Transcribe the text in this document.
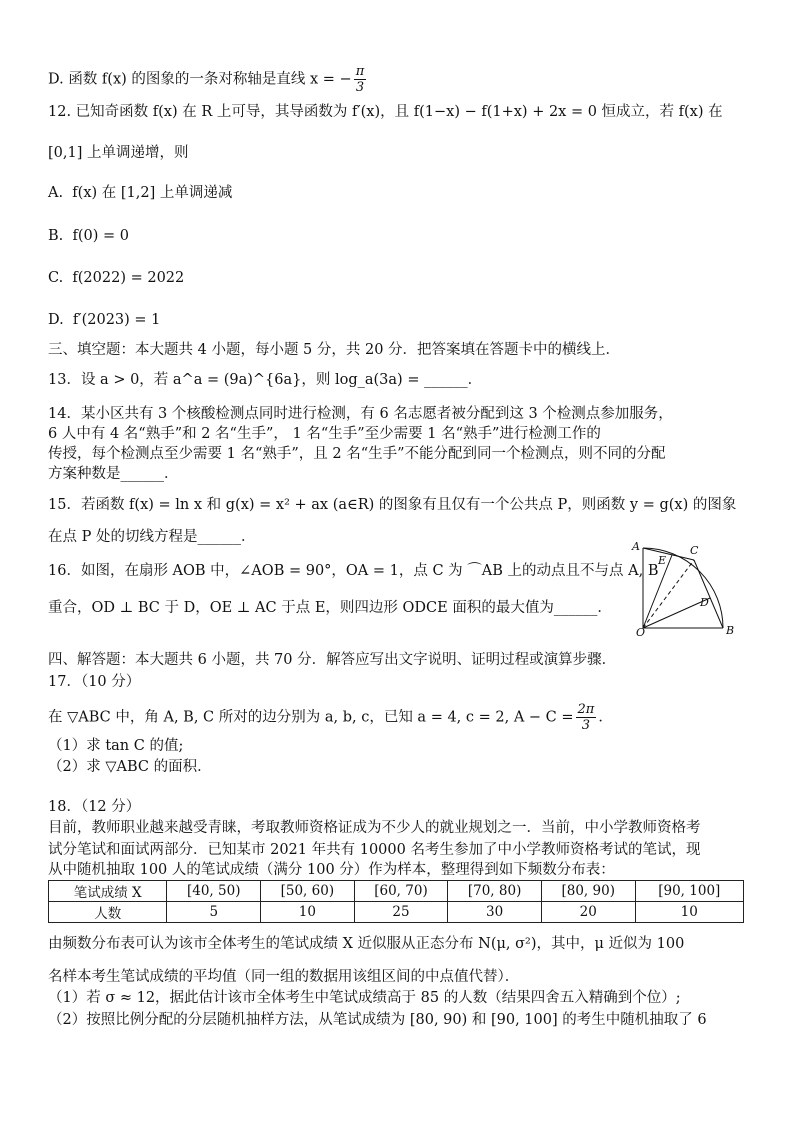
D. 函数 f(x) 的图象的一条对称轴是直线 x = − $\frac{\pi}{3}$
12. 已知奇函数 f(x) 在 R 上可导，其导函数为 f′(x)，且 f(1−x) − f(1+x) + 2x = 0 恒成立，若 f(x) 在
[0,1] 上单调递增，则
A.  f(x) 在 [1,2] 上单调递减
B.  f(0) = 0
C.  f(2022) = 2022
D.  f′(2023) = 1
三、填空题：本大题共 4 小题，每小题 5 分，共 20 分．把答案填在答题卡中的横线上．
13．设 a > 0，若 a^a = (9a)^{6a}，则 log_a(3a) = ______．
14．某小区共有 3 个核酸检测点同时进行检测，有 6 名志愿者被分配到这 3 个检测点参加服务，
6 人中有 4 名“熟手”和 2 名“生手”， 1 名“生手”至少需要 1 名“熟手”进行检测工作的
传授，每个检测点至少需要 1 名“熟手”，且 2 名“生手”不能分配到同一个检测点，则不同的分配
方案种数是______．
15．若函数 f(x) = ln x 和 g(x) = x² + ax (a∈R) 的图象有且仅有一个公共点 P，则函数 y = g(x) 的图象
在点 P 处的切线方程是______．
16．如图，在扇形 AOB 中，∠AOB = 90°，OA = 1，点 C 为 ⌒AB 上的动点且不与点 A, B
重合，OD ⊥ BC 于 D，OE ⊥ AC 于点 E，则四边形 ODCE 面积的最大值为______．
A	C
E
D
O	B
四、解答题：本大题共 6 小题，共 70 分．解答应写出文字说明、证明过程或演算步骤．
17．（10 分）
在 ▽ABC 中，角 A, B, C 所对的边分别为 a, b, c，已知 a = 4, c = 2, $A - C = \frac{2\pi}{3}$ ．
（1）求 tan C 的值;
（2）求 ▽ABC 的面积．
18．（12 分）
目前，教师职业越来越受青睐，考取教师资格证成为不少人的就业规划之一．当前，中小学教师资格考
试分笔试和面试两部分．已知某市 2021 年共有 10000 名考生参加了中小学教师资格考试的笔试，现
从中随机抽取 100 人的笔试成绩（满分 100 分）作为样本，整理得到如下频数分布表：
笔试成绩 X	[40, 50)	[50, 60)	[60, 70)	[70, 80)	[80, 90)	[90, 100]
人数	5	10	25	30	20	10
由频数分布表可认为该市全体考生的笔试成绩 X 近似服从正态分布 N(μ, σ²)，其中，μ 近似为 100
名样本考生笔试成绩的平均值（同一组的数据用该组区间的中点值代替）．
（1）若 σ ≈ 12，据此估计该市全体考生中笔试成绩高于 85 的人数（结果四舍五入精确到个位）;
（2）按照比例分配的分层随机抽样方法，从笔试成绩为 [80, 90) 和 [90, 100] 的考生中随机抽取了 6
